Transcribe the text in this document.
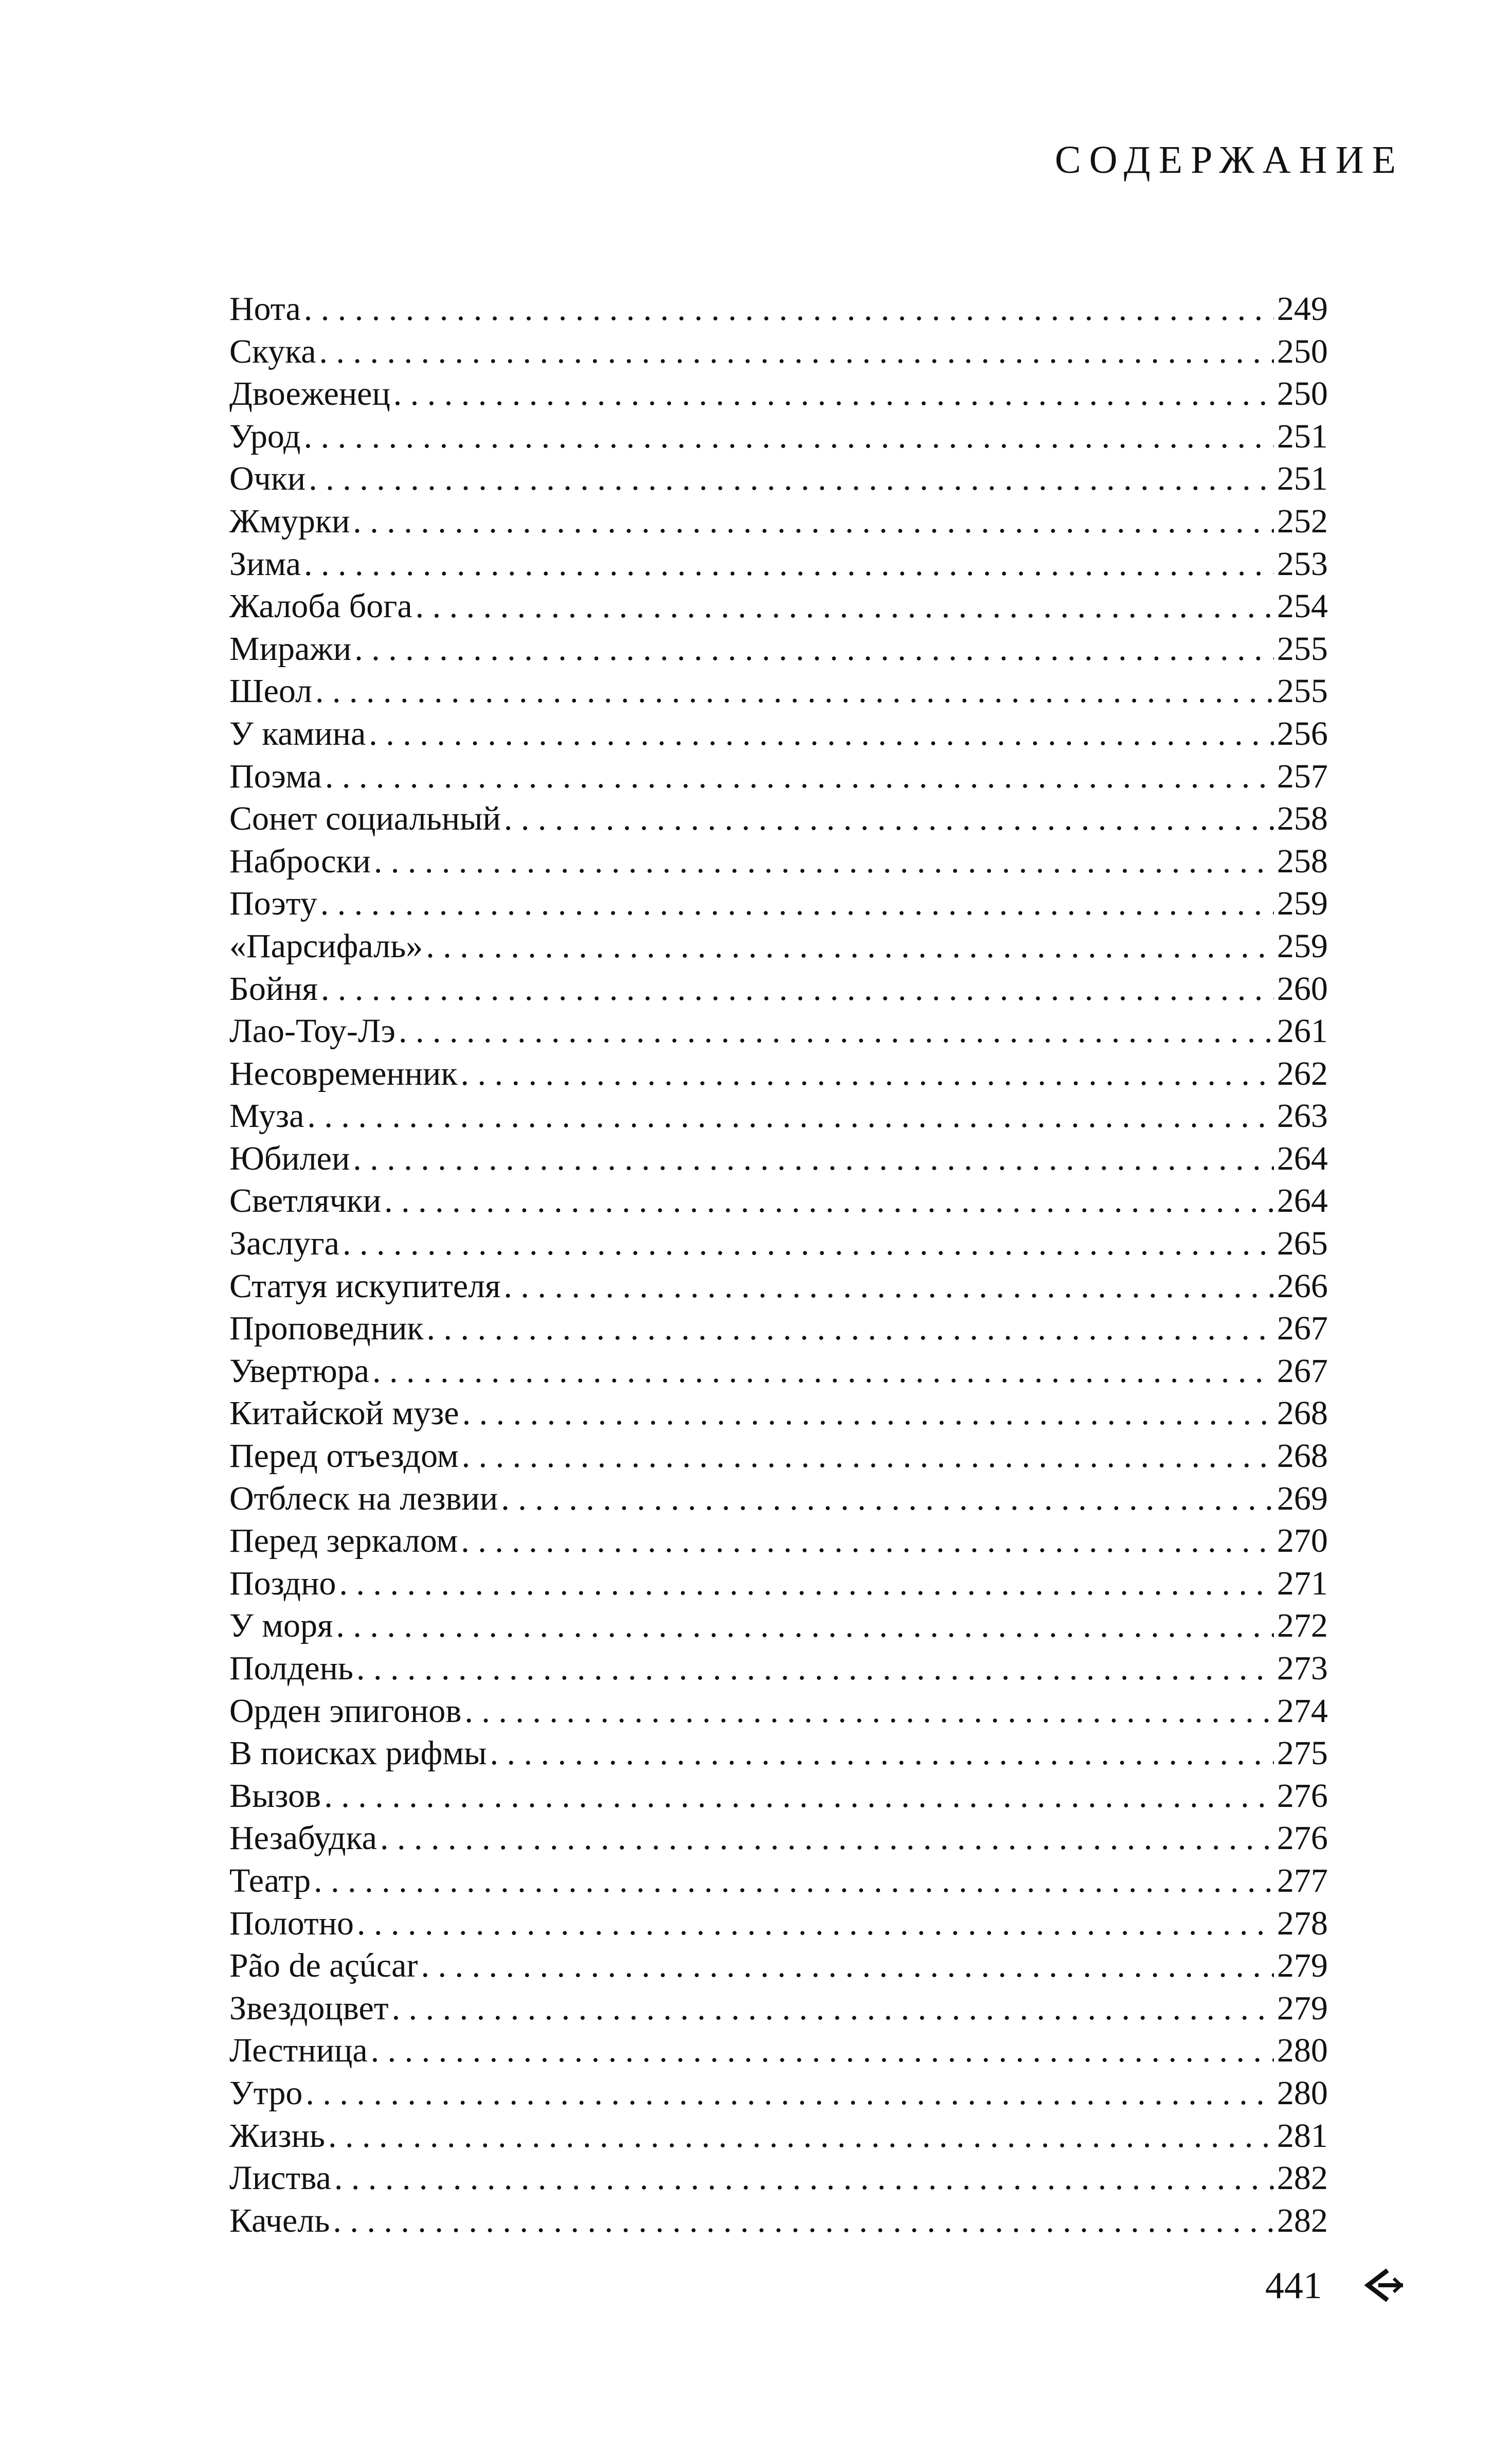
СОДЕРЖАНИЕ
Нота . . .	249
Скука . . .	250
Двоеженец . . .	250
Урод . . .	251
Очки . . .	251
Жмурки . . .	252
Зима . . .	253
Жалоба бога . . .	254
Миражи . . .	255
Шеол . . .	255
У камина . . .	256
Поэма . . .	257
Сонет социальный . . .	258
Наброски . . .	258
Поэту . . .	259
«Парсифаль» . . .	259
Бойня . . .	260
Лао-Тоу-Лэ . . .	261
Несовременник . . .	262
Муза . . .	263
Юбилеи . . .	264
Светлячки . . .	264
Заслуга . . .	265
Статуя искупителя . . .	266
Проповедник . . .	267
Увертюра . . .	267
Китайской музе . . .	268
Перед отъездом . . .	268
Отблеск на лезвии . . .	269
Перед зеркалом . . .	270
Поздно . . .	271
У моря . . .	272
Полдень . . .	273
Орден эпигонов . . .	274
В поисках рифмы . . .	275
Вызов . . .	276
Незабудка . . .	276
Театр . . .	277
Полотно . . .	278
Pão de açúcar . . .	279
Звездоцвет . . .	279
Лестница . . .	280
Утро . . .	280
Жизнь . . .	281
Листва . . .	282
Качель . . .	282
441
